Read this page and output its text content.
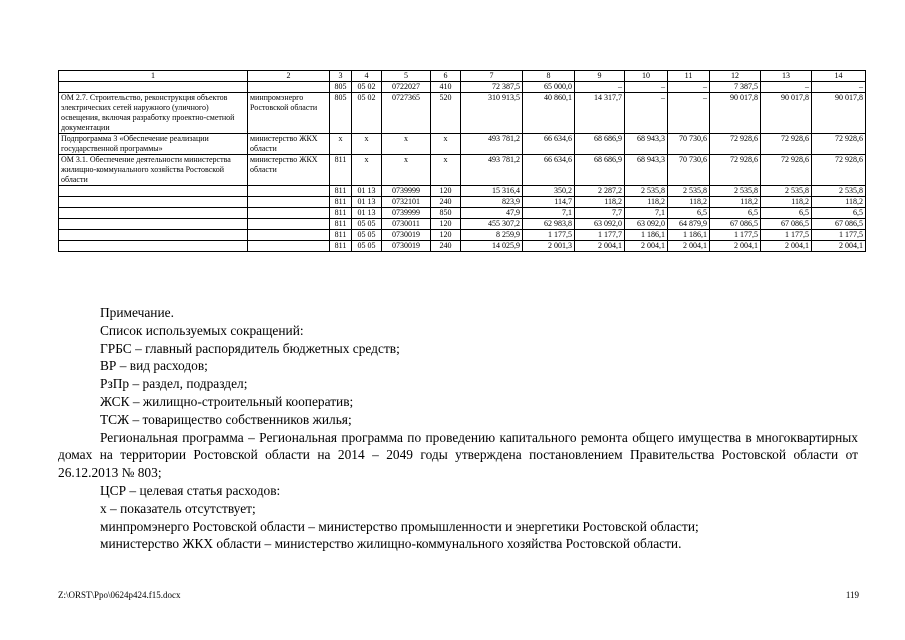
1	2	3	4	5	6	7	8	9	10	11	12	13	14
		805	05 02	0722027	410	72 387,5	65 000,0	–	–	–	7 387,5	–	–
ОМ 2.7. Строительство, реконструкция объектов электрических сетей наружного (уличного) освещения, включая разработку проектно-сметной документации	минпромэнерго Ростовской области	805	05 02	0727365	520	310 913,5	40 860,1	14 317,7	–	–	90 017,8	90 017,8	90 017,8
Подпрограмма 3 «Обеспечение реализации государственной программы»	министерство ЖКХ области	х	х	х	х	493 781,2	66 634,6	68 686,9	68 943,3	70 730,6	72 928,6	72 928,6	72 928,6
ОМ 3.1. Обеспечение деятельности министерства жилищно-коммунального хозяйства Ростовской области	министерство ЖКХ области	811	х	х	х	493 781,2	66 634,6	68 686,9	68 943,3	70 730,6	72 928,6	72 928,6	72 928,6
		811	01 13	0739999	120	15 316,4	350,2	2 287,2	2 535,8	2 535,8	2 535,8	2 535,8	2 535,8
		811	01 13	0732101	240	823,9	114,7	118,2	118,2	118,2	118,2	118,2	118,2
		811	01 13	0739999	850	47,9	7,1	7,7	7,1	6,5	6,5	6,5	6,5
		811	05 05	0730011	120	455 307,2	62 983,8	63 092,0	63 092,0	64 879,9	67 086,5	67 086,5	67 086,5
		811	05 05	0730019	120	8 259,9	1 177,5	1 177,7	1 186,1	1 186,1	1 177,5	1 177,5	1 177,5
		811	05 05	0730019	240	14 025,9	2 001,3	2 004,1	2 004,1	2 004,1	2 004,1	2 004,1	2 004,1

Примечание.

Список используемых сокращений:

ГРБС – главный распорядитель бюджетных средств;

ВР – вид расходов;

РзПр – раздел, подраздел;

ЖСК – жилищно-строительный кооператив;

ТСЖ – товарищество собственников жилья;

Региональная программа – Региональная программа по проведению капитального ремонта общего имущества в многоквартирных домах на территории Ростовской области на 2014 – 2049 годы утверждена постановлением Правительства Ростовской области от 26.12.2013 № 803;

ЦСР – целевая статья расходов:

х – показатель отсутствует;

минпромэнерго Ростовской области – министерство промышленности и энергетики Ростовской области;

министерство ЖКХ области – министерство жилищно-коммунального хозяйства Ростовской области.

Z:\ORST\Ppo\0624p424.f15.docx	119
